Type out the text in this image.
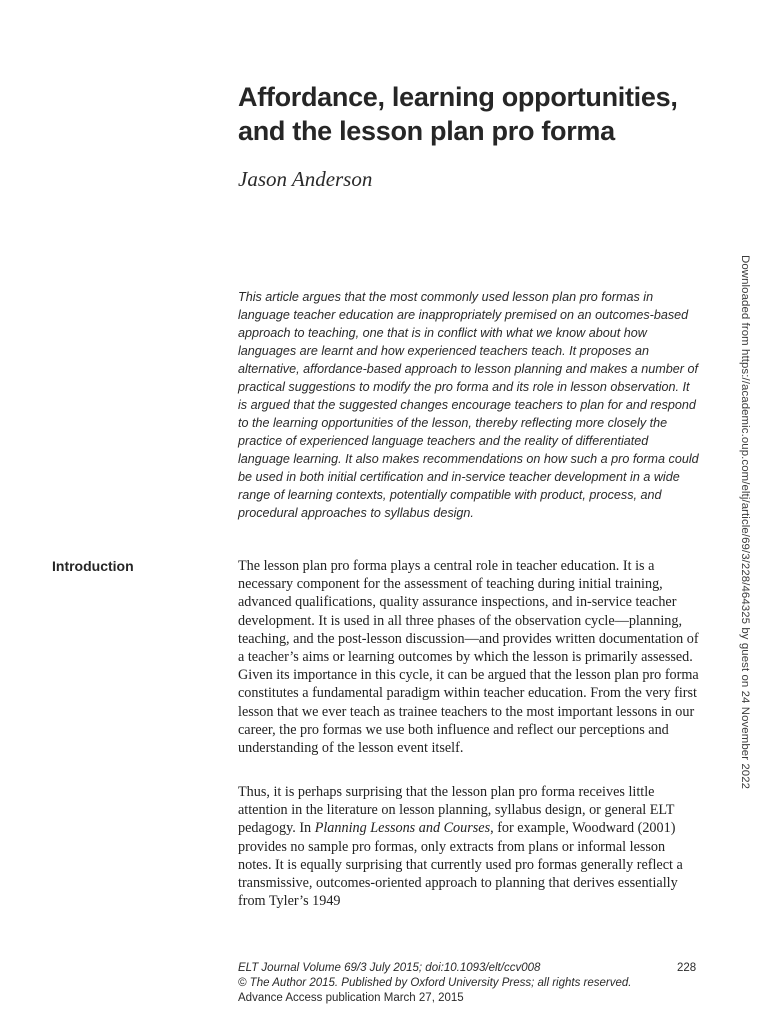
Affordance, learning opportunities,
and the lesson plan pro forma

Jason Anderson

This article argues that the most commonly used lesson plan pro formas in language teacher education are inappropriately premised on an outcomes-based approach to teaching, one that is in conflict with what we know about how languages are learnt and how experienced teachers teach. It proposes an alternative, affordance-based approach to lesson planning and makes a number of practical suggestions to modify the pro forma and its role in lesson observation. It is argued that the suggested changes encourage teachers to plan for and respond to the learning opportunities of the lesson, thereby reflecting more closely the practice of experienced language teachers and the reality of differentiated language learning. It also makes recommendations on how such a pro forma could be used in both initial certification and in-service teacher development in a wide range of learning contexts, potentially compatible with product, process, and procedural approaches to syllabus design.

Introduction	The lesson plan pro forma plays a central role in teacher education. It is a necessary component for the assessment of teaching during initial training, advanced qualifications, quality assurance inspections, and in-service teacher development. It is used in all three phases of the observation cycle—planning, teaching, and the post-lesson discussion—and provides written documentation of a teacher’s aims or learning outcomes by which the lesson is primarily assessed. Given its importance in this cycle, it can be argued that the lesson plan pro forma constitutes a fundamental paradigm within teacher education. From the very first lesson that we ever teach as trainee teachers to the most important lessons in our career, the pro formas we use both influence and reflect our perceptions and understanding of the lesson event itself.

Thus, it is perhaps surprising that the lesson plan pro forma receives little attention in the literature on lesson planning, syllabus design, or general ELT pedagogy. In Planning Lessons and Courses, for example, Woodward (2001) provides no sample pro formas, only extracts from plans or informal lesson notes. It is equally surprising that currently used pro formas generally reflect a transmissive, outcomes-oriented approach to planning that derives essentially from Tyler’s 1949

ELT Journal Volume 69/3 July 2015; doi:10.1093/elt/ccv008
© The Author 2015. Published by Oxford University Press; all rights reserved.
Advance Access publication March 27, 2015
228
Downloaded from https://academic.oup.com/eltj/article/69/3/228/464325 by guest on 24 November 2022
